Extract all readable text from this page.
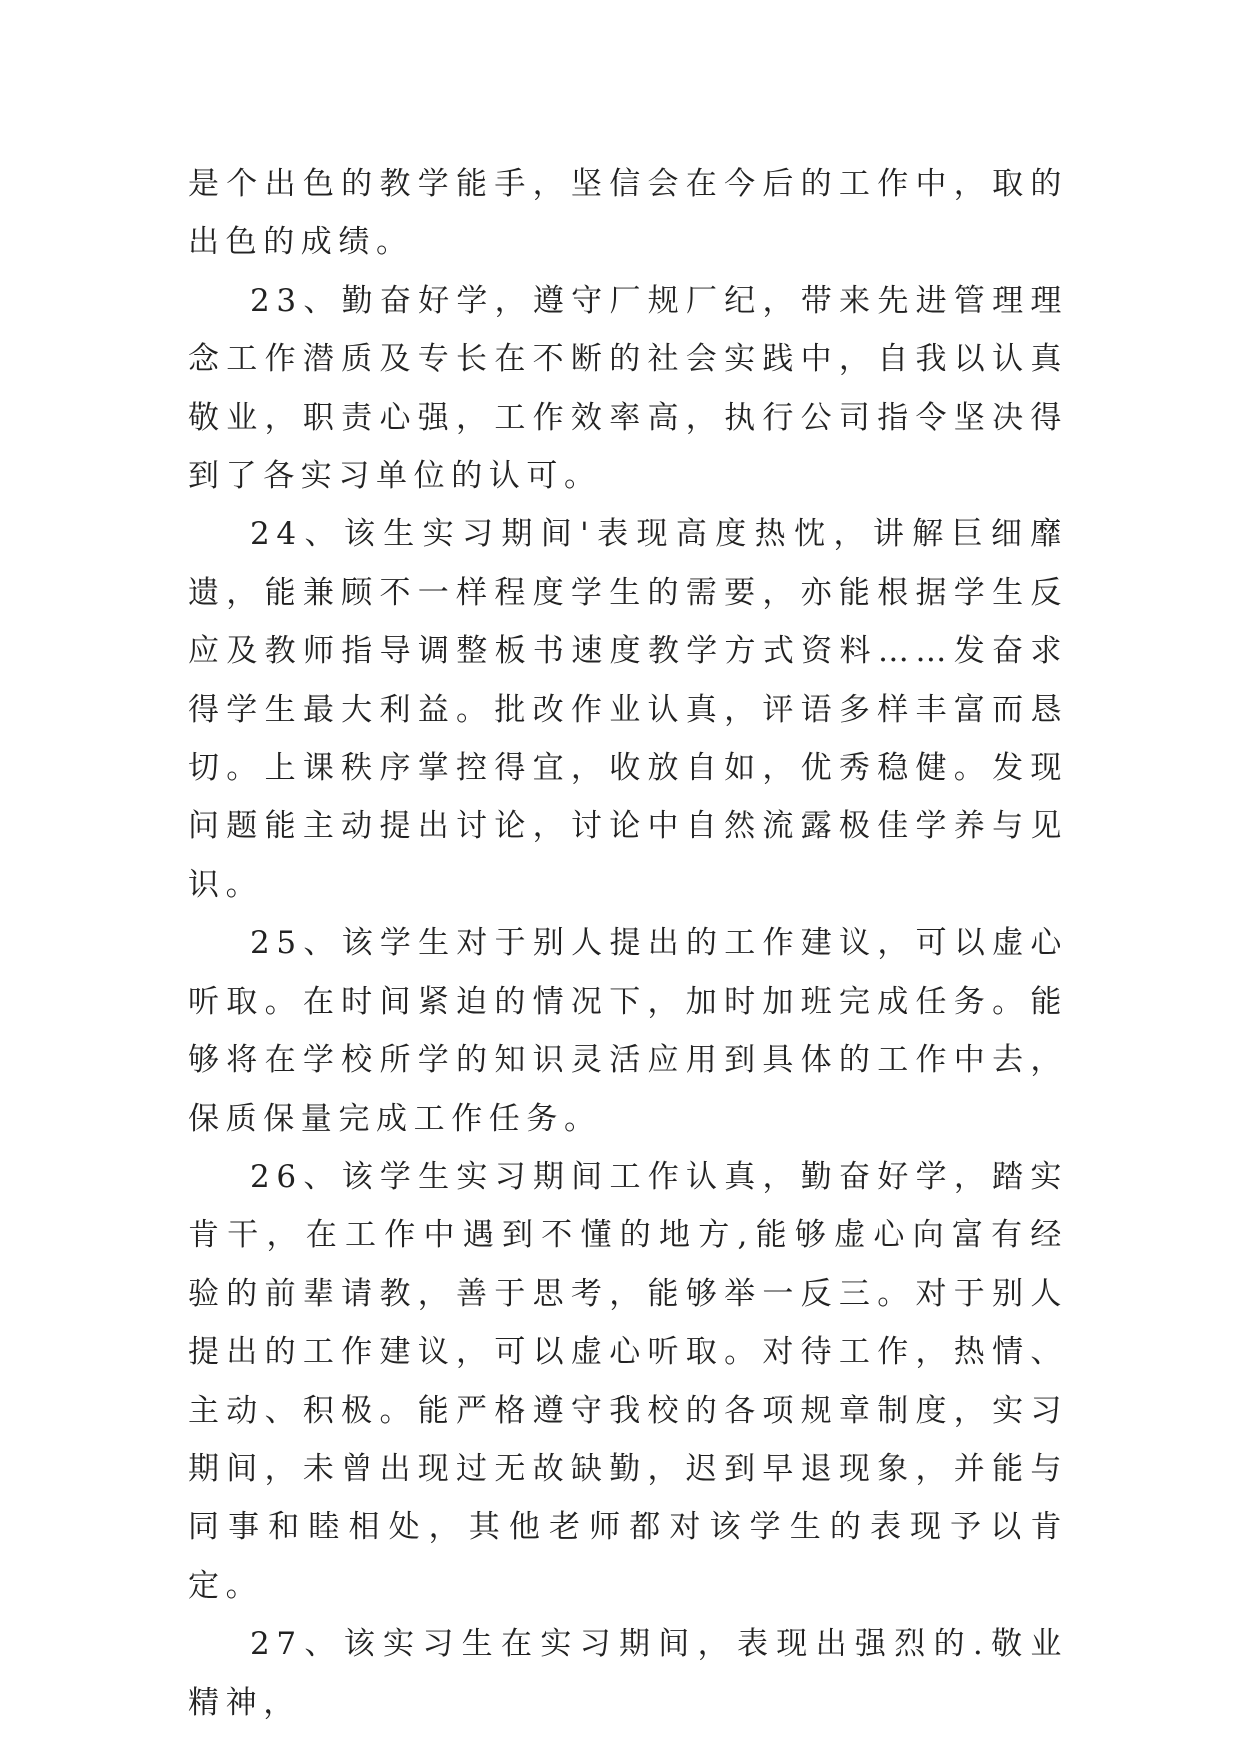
是个出色的教学能手，坚信会在今后的工作中，取的出色的成绩。

23、勤奋好学，遵守厂规厂纪，带来先进管理理念工作潜质及专长在不断的社会实践中，自我以认真敬业，职责心强，工作效率高，执行公司指令坚决得到了各实习单位的认可。

24、该生实习期间'表现高度热忱，讲解巨细靡遗，能兼顾不一样程度学生的需要，亦能根据学生反应及教师指导调整板书速度教学方式资料……发奋求得学生最大利益。批改作业认真，评语多样丰富而恳切。上课秩序掌控得宜，收放自如，优秀稳健。发现问题能主动提出讨论，讨论中自然流露极佳学养与见识。

25、该学生对于别人提出的工作建议，可以虚心听取。在时间紧迫的情况下，加时加班完成任务。能够将在学校所学的知识灵活应用到具体的工作中去，保质保量完成工作任务。

26、该学生实习期间工作认真，勤奋好学，踏实肯干，在工作中遇到不懂的地方,能够虚心向富有经验的前辈请教，善于思考，能够举一反三。对于别人提出的工作建议，可以虚心听取。对待工作，热情、主动、积极。能严格遵守我校的各项规章制度，实习期间，未曾出现过无故缺勤，迟到早退现象，并能与同事和睦相处，其他老师都对该学生的表现予以肯定。

27、该实习生在实习期间，表现出强烈的.敬业精神，
